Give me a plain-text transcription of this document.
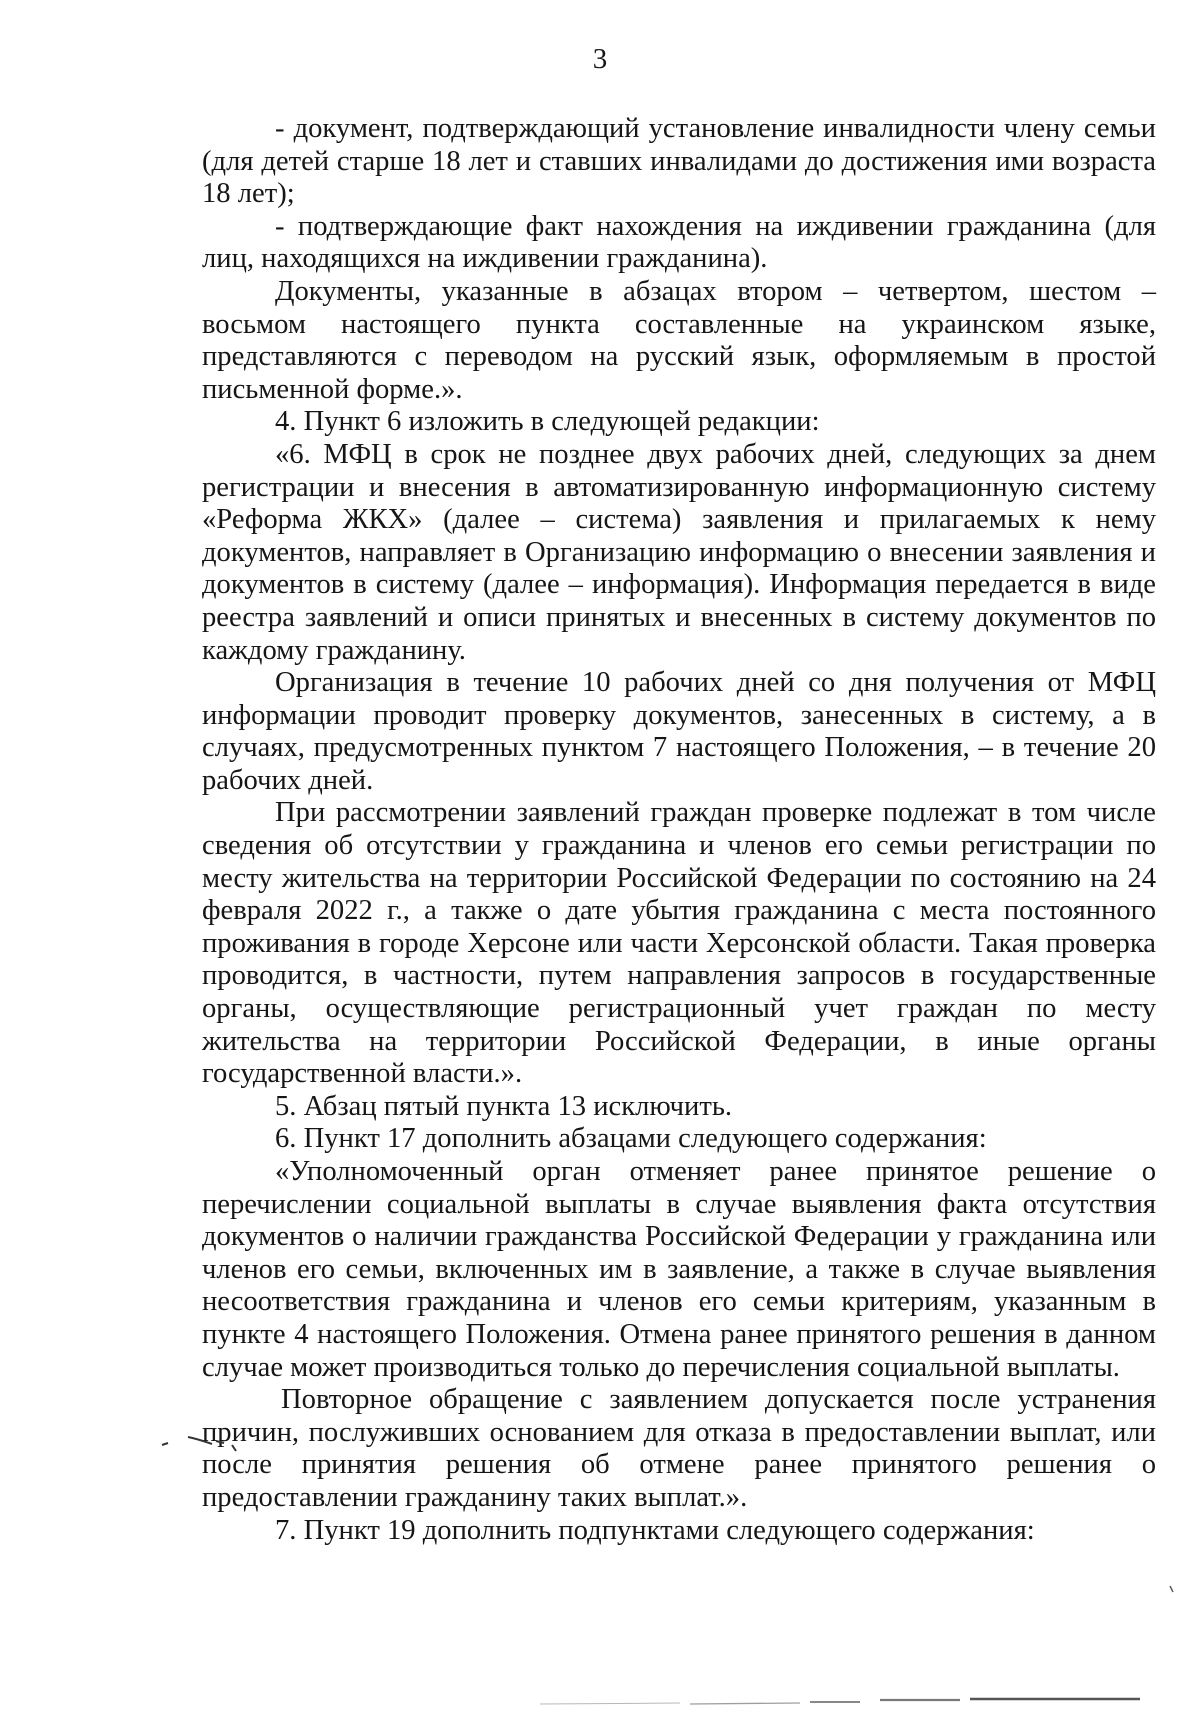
3

- документ, подтверждающий установление инвалидности члену семьи (для детей старше 18 лет и ставших инвалидами до достижения ими возраста 18 лет);

- подтверждающие факт нахождения на иждивении гражданина (для лиц, находящихся на иждивении гражданина).

Документы, указанные в абзацах втором – четвертом, шестом – восьмом настоящего пункта составленные на украинском языке, представляются с переводом на русский язык, оформляемым в простой письменной форме.».

4. Пункт 6 изложить в следующей редакции:

«6. МФЦ в срок не позднее двух рабочих дней, следующих за днем регистрации и внесения в автоматизированную информационную систему «Реформа ЖКХ» (далее – система) заявления и прилагаемых к нему документов, направляет в Организацию информацию о внесении заявления и документов в систему (далее – информация). Информация передается в виде реестра заявлений и описи принятых и внесенных в систему документов по каждому гражданину.

Организация в течение 10 рабочих дней со дня получения от МФЦ информации проводит проверку документов, занесенных в систему, а в случаях, предусмотренных пунктом 7 настоящего Положения, – в течение 20 рабочих дней.

При рассмотрении заявлений граждан проверке подлежат в том числе сведения об отсутствии у гражданина и членов его семьи регистрации по месту жительства на территории Российской Федерации по состоянию на 24 февраля 2022 г., а также о дате убытия гражданина с места постоянного проживания в городе Херсоне или части Херсонской области. Такая проверка проводится, в частности, путем направления запросов в государственные органы, осуществляющие регистрационный учет граждан по месту жительства на территории Российской Федерации, в иные органы государственной власти.».

5. Абзац пятый пункта 13 исключить.

6. Пункт 17 дополнить абзацами следующего содержания:

«Уполномоченный орган отменяет ранее принятое решение о перечислении социальной выплаты в случае выявления факта отсутствия документов о наличии гражданства Российской Федерации у гражданина или членов его семьи, включенных им в заявление, а также в случае выявления несоответствия гражданина и членов его семьи критериям, указанным в пункте 4 настоящего Положения. Отмена ранее принятого решения в данном случае может производиться только до перечисления социальной выплаты.

Повторное обращение с заявлением допускается после устранения причин, послуживших основанием для отказа в предоставлении выплат, или после принятия решения об отмене ранее принятого решения о предоставлении гражданину таких выплат.».

7. Пункт 19 дополнить подпунктами следующего содержания:
